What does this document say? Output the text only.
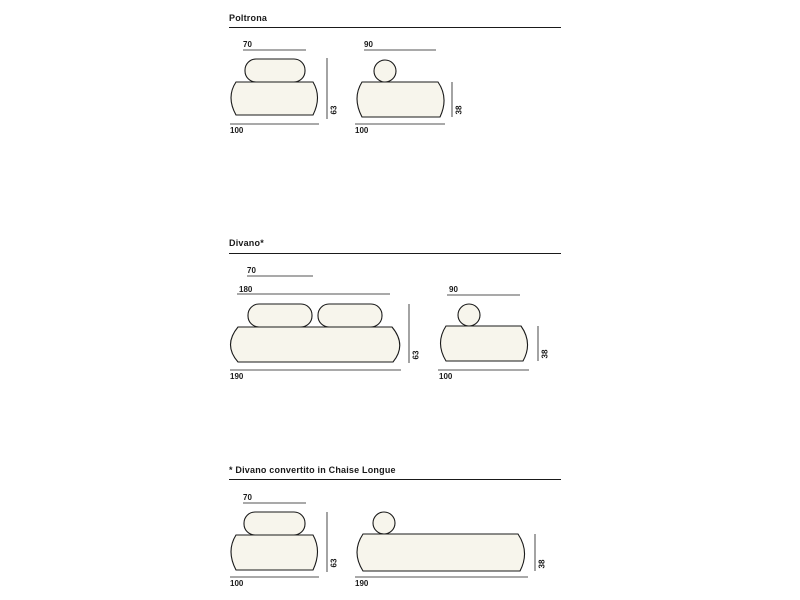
Poltrona
Divano*
* Divano convertito in Chaise Longue
70
100
63
90
100
38
70
180
190
63
90
100
38
70
100
63
190
38
